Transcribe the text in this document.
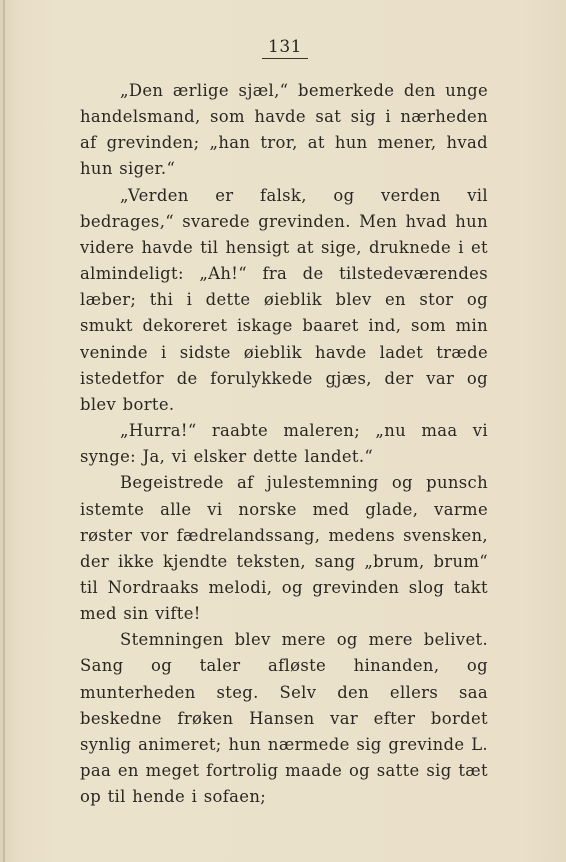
131

„Den ærlige sjæl,“ bemerkede den unge handelsmand, som havde sat sig i nærheden af grevinden; „han tror, at hun mener, hvad hun siger.“

„Verden er falsk, og verden vil bedrages,“ svarede grevinden. Men hvad hun videre havde til hensigt at sige, druknede i et almindeligt: „Ah!“ fra de tilstedeværendes læber; thi i dette øieblik blev en stor og smukt dekoreret iskage baaret ind, som min veninde i sidste øieblik havde ladet træde istedetfor de forulykkede gjæs, der var og blev borte.

„Hurra!“ raabte maleren; „nu maa vi synge: Ja, vi elsker dette landet.“

Begeistrede af julestemning og punsch istemte alle vi norske med glade, varme røster vor fædrelandssang, medens svensken, der ikke kjendte teksten, sang „brum, brum“ til Nordraaks melodi, og grevinden slog takt med sin vifte!

Stemningen blev mere og mere belivet. Sang og taler afløste hinanden, og munterheden steg. Selv den ellers saa beskedne frøken Hansen var efter bordet synlig animeret; hun nærmede sig grevinde L. paa en meget fortrolig maade og satte sig tæt op til hende i sofaen;
